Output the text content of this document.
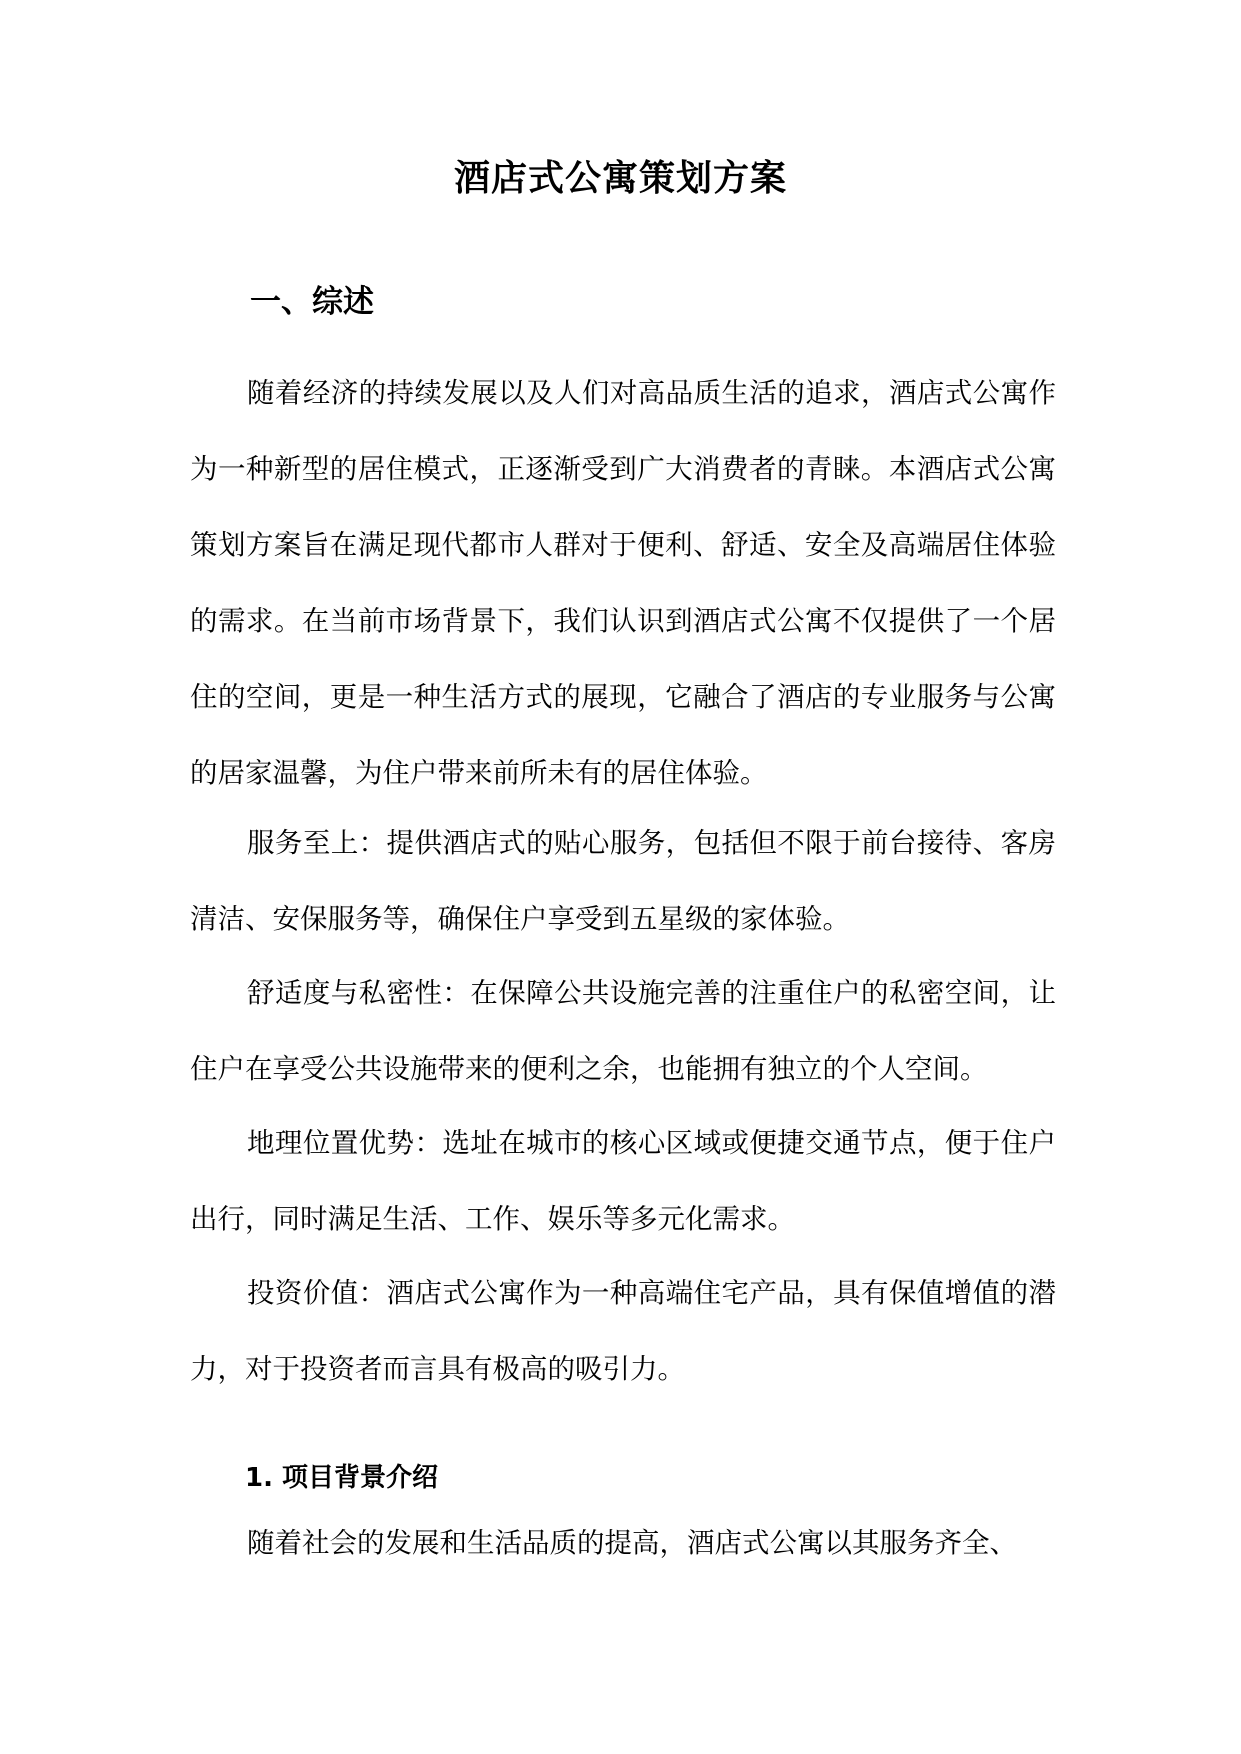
酒店式公寓策划方案
一、综述

随着经济的持续发展以及人们对高品质生活的追求，酒店式公寓作为一种新型的居住模式，正逐渐受到广大消费者的青睐。本酒店式公寓策划方案旨在满足现代都市人群对于便利、舒适、安全及高端居住体验的需求。在当前市场背景下，我们认识到酒店式公寓不仅提供了一个居住的空间，更是一种生活方式的展现，它融合了酒店的专业服务与公寓的居家温馨，为住户带来前所未有的居住体验。

服务至上：提供酒店式的贴心服务，包括但不限于前台接待、客房清洁、安保服务等，确保住户享受到五星级的家体验。

舒适度与私密性：在保障公共设施完善的注重住户的私密空间，让住户在享受公共设施带来的便利之余，也能拥有独立的个人空间。

地理位置优势：选址在城市的核心区域或便捷交通节点，便于住户出行，同时满足生活、工作、娱乐等多元化需求。

投资价值：酒店式公寓作为一种高端住宅产品，具有保值增值的潜力，对于投资者而言具有极高的吸引力。

1. 项目背景介绍

随着社会的发展和生活品质的提高，酒店式公寓以其服务齐全、
